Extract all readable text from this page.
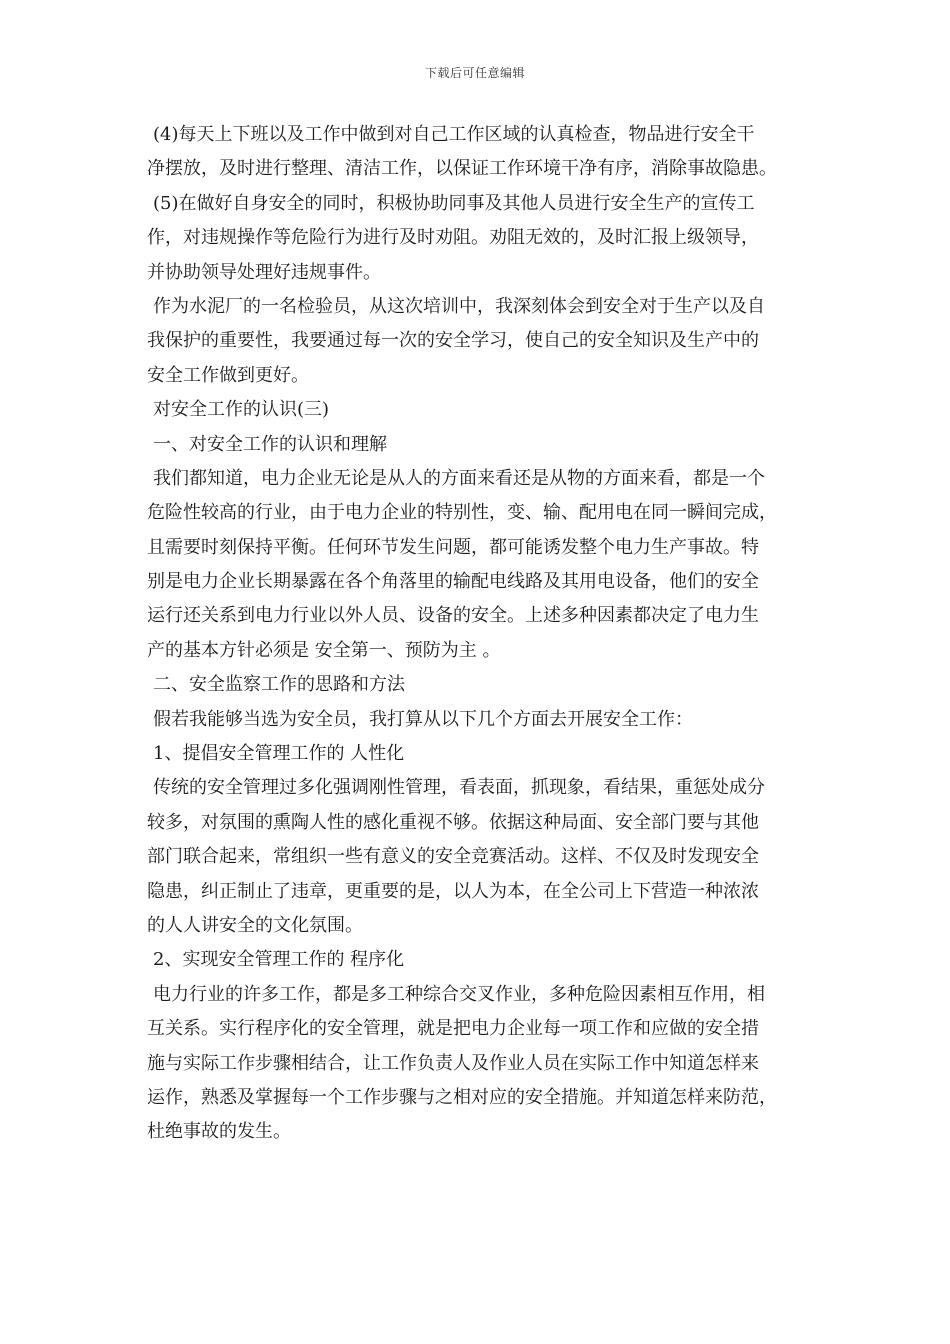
下载后可任意编辑
(4)每天上下班以及工作中做到对自己工作区域的认真检查，物品进行安全干
净摆放，及时进行整理、清洁工作，以保证工作环境干净有序，消除事故隐患。
(5)在做好自身安全的同时，积极协助同事及其他人员进行安全生产的宣传工
作，对违规操作等危险行为进行及时劝阻。劝阻无效的，及时汇报上级领导，
并协助领导处理好违规事件。
作为水泥厂的一名检验员，从这次培训中，我深刻体会到安全对于生产以及自
我保护的重要性，我要通过每一次的安全学习，使自己的安全知识及生产中的
安全工作做到更好。
对安全工作的认识(三)
一、对安全工作的认识和理解
我们都知道，电力企业无论是从人的方面来看还是从物的方面来看，都是一个
危险性较高的行业，由于电力企业的特别性，变、输、配用电在同一瞬间完成，
且需要时刻保持平衡。任何环节发生问题，都可能诱发整个电力生产事故。特
别是电力企业长期暴露在各个角落里的输配电线路及其用电设备，他们的安全
运行还关系到电力行业以外人员、设备的安全。上述多种因素都决定了电力生
产的基本方针必须是 安全第一、预防为主 。
二、安全监察工作的思路和方法
假若我能够当选为安全员，我打算从以下几个方面去开展安全工作：
1、提倡安全管理工作的 人性化
传统的安全管理过多化强调刚性管理，看表面，抓现象，看结果，重惩处成分
较多，对氛围的熏陶人性的感化重视不够。依据这种局面、安全部门要与其他
部门联合起来，常组织一些有意义的安全竞赛活动。这样、不仅及时发现安全
隐患，纠正制止了违章，更重要的是，以人为本，在全公司上下营造一种浓浓
的人人讲安全的文化氛围。
2、实现安全管理工作的 程序化
电力行业的许多工作，都是多工种综合交叉作业，多种危险因素相互作用，相
互关系。实行程序化的安全管理，就是把电力企业每一项工作和应做的安全措
施与实际工作步骤相结合，让工作负责人及作业人员在实际工作中知道怎样来
运作，熟悉及掌握每一个工作步骤与之相对应的安全措施。并知道怎样来防范，
杜绝事故的发生。
